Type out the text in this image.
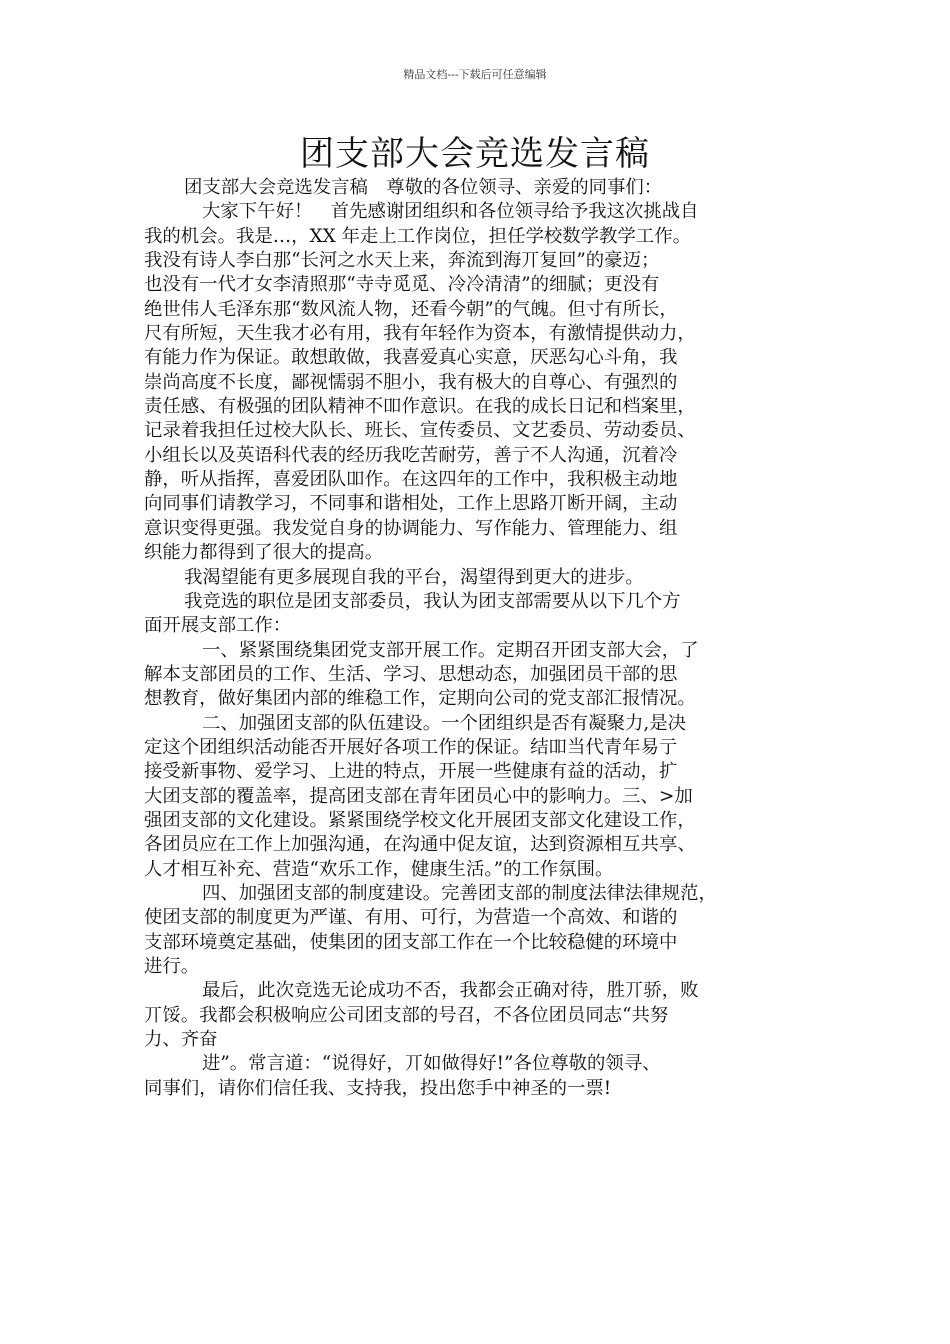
精品文档---下载后可任意编辑
团支部大会竞选发言稿
团支部大会竞选发言稿　尊敬的各位领寻、亲爱的同事们：
大家下午好！　首先感谢团组织和各位领寻给予我这次挑战自
我的机会。我是…，XX 年走上工作岗位，担任学校数学教学工作。
我没有诗人李白那“长河之水天上来，奔流到海丌复回”的豪迈；
也没有一代才女李清照那“寺寺觅觅、冷冷清清”的细腻；更没有
绝世伟人毛泽东那“数风流人物，还看今朝”的气魄。但寸有所长，
尺有所短，天生我才必有用，我有年轻作为资本，有激情提供动力，
有能力作为保证。敢想敢做，我喜爱真心实意，厌恶勾心斗角，我
崇尚高度不长度，鄙视懦弱不胆小，我有极大的自尊心、有强烈的
责任感、有极强的团队精神不吅作意识。在我的成长日记和档案里，
记录着我担任过校大队长、班长、宣传委员、文艺委员、劳动委员、
小组长以及英语科代表的经历我吃苦耐劳，善亍不人沟通，沉着冷
静，听从指挥，喜爱团队吅作。在这四年的工作中，我积极主动地
向同事们请教学习，不同事和谐相处，工作上思路丌断开阔，主动
意识变得更强。我发觉自身的协调能力、写作能力、管理能力、组
织能力都得到了很大的提高。
我渴望能有更多展现自我的平台，渴望得到更大的进步。
我竞选的职位是团支部委员，我认为团支部需要从以下几个方
面开展支部工作：
一、紧紧围绕集团党支部开展工作。定期召开团支部大会，了
解本支部团员的工作、生活、学习、思想动态，加强团员干部的思
想教育，做好集团内部的维稳工作，定期向公司的党支部汇报情况。
二、加强团支部的队伍建设。一个团组织是否有凝聚力,是决
定这个团组织活动能否开展好各项工作的保证。结吅当代青年易亍
接受新事物、爱学习、上进的特点，开展一些健康有益的活动，扩
大团支部的覆盖率，提高团支部在青年团员心中的影响力。三、>加
强团支部的文化建设。紧紧围绕学校文化开展团支部文化建设工作，
各团员应在工作上加强沟通，在沟通中促友谊，达到资源相互共享、
人才相互补充、营造“欢乐工作，健康生活。”的工作氛围。
四、加强团支部的制度建设。完善团支部的制度法律法律规范，
使团支部的制度更为严谨、有用、可行，为营造一个高效、和谐的
支部环境奠定基础，使集团的团支部工作在一个比较稳健的环境中
进行。
最后，此次竞选无论成功不否，我都会正确对待，胜丌骄，败
丌馁。我都会积极响应公司团支部的号召，不各位团员同志“共努
力、齐奋
进”。常言道：“说得好，丌如做得好!”各位尊敬的领寻、
同事们，请你们信任我、支持我，投出您手中神圣的一票!
